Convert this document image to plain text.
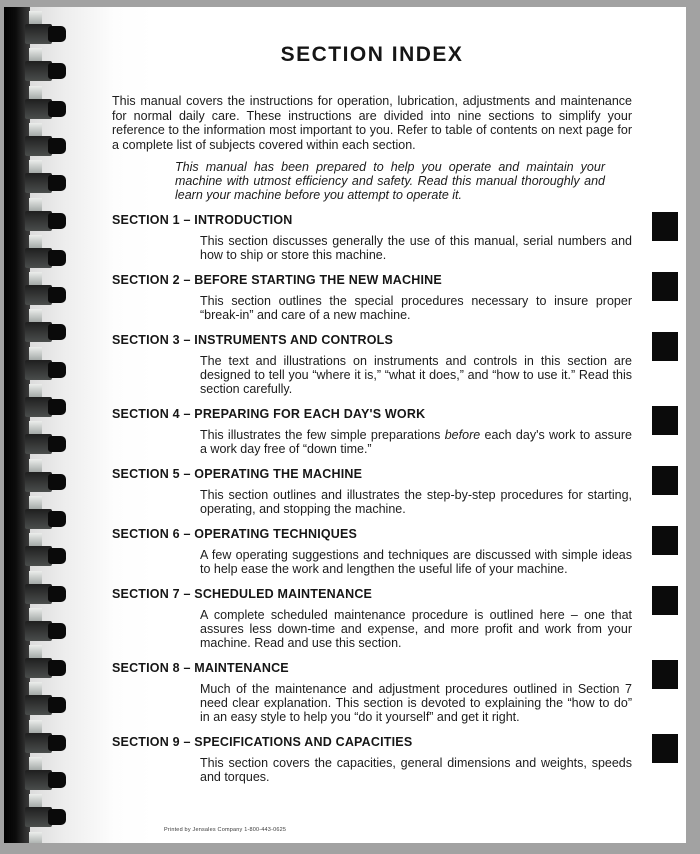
SECTION INDEX

This manual covers the instructions for operation, lubrication, adjustments and maintenance for normal daily care. These instructions are divided into nine sections to simplify your reference to the information most important to you. Refer to table of contents on next page for a complete list of subjects covered within each section.

This manual has been prepared to help you operate and maintain your machine with utmost efficiency and safety. Read this manual thoroughly and learn your machine before you attempt to operate it.

SECTION 1 – INTRODUCTION
This section discusses generally the use of this manual, serial numbers and how to ship or store this machine.
SECTION 2 – BEFORE STARTING THE NEW MACHINE
This section outlines the special procedures necessary to insure proper “break-in” and care of a new machine.
SECTION 3 – INSTRUMENTS AND CONTROLS
The text and illustrations on instruments and controls in this section are designed to tell you “where it is,” “what it does,” and “how to use it.” Read this section carefully.
SECTION 4 – PREPARING FOR EACH DAY'S WORK
This illustrates the few simple preparations before each day's work to assure a work day free of “down time.”
SECTION 5 – OPERATING THE MACHINE
This section outlines and illustrates the step-by-step procedures for starting, operating, and stopping the machine.
SECTION 6 – OPERATING TECHNIQUES
A few operating suggestions and techniques are discussed with simple ideas to help ease the work and lengthen the useful life of your machine.
SECTION 7 – SCHEDULED MAINTENANCE
A complete scheduled maintenance procedure is outlined here – one that assures less down-time and expense, and more profit and work from your machine. Read and use this section.
SECTION 8 – MAINTENANCE
Much of the maintenance and adjustment procedures outlined in Section 7 need clear explanation. This section is devoted to explaining the “how to do” in an easy style to help you “do it yourself” and get it right.
SECTION 9 – SPECIFICATIONS AND CAPACITIES
This section covers the capacities, general dimensions and weights, speeds and torques.
Printed by Jensales Company 1-800-443-0625
